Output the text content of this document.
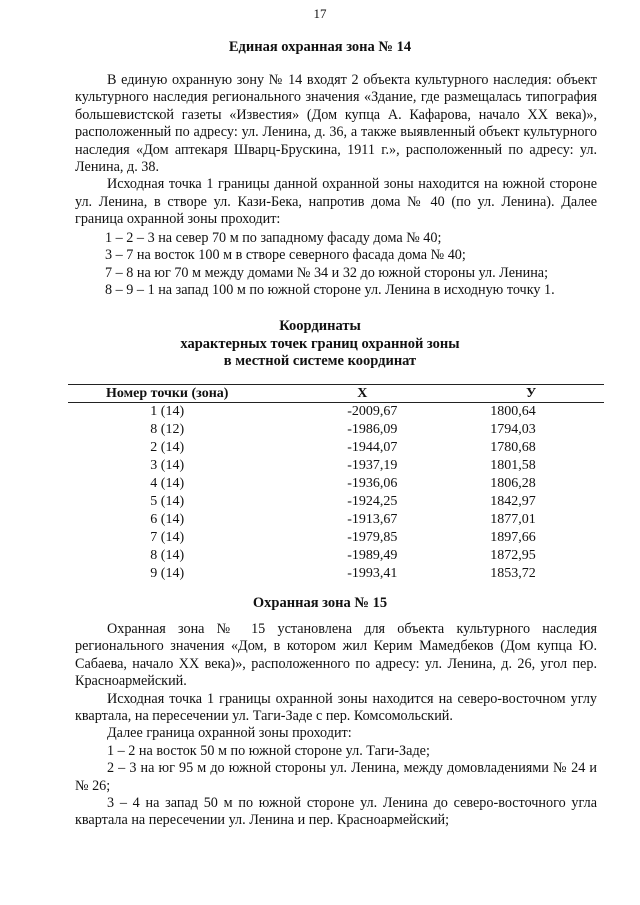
17
Единая охранная зона № 14

В единую охранную зону № 14 входят 2 объекта культурного наследия: объект культурного наследия регионального значения «Здание, где размещалась типография большевистской газеты «Известия» (Дом купца А. Кафарова, начало XX века)», расположенный по адресу: ул. Ленина, д. 36, а также выявленный объект культурного наследия «Дом аптекаря Шварц-Брускина, 1911 г.», расположенный по адресу: ул. Ленина, д. 38.

Исходная точка 1 границы данной охранной зоны находится на южной стороне ул. Ленина, в створе ул. Кази-Бека, напротив дома № 40 (по ул. Ленина). Далее граница охранной зоны проходит:

1 – 2 – 3 на север 70 м по западному фасаду дома № 40;
3 – 7 на восток 100 м в створе северного фасада дома № 40;
7 – 8 на юг 70 м между домами № 34 и 32 до южной стороны ул. Ленина;
8 – 9 – 1 на запад 100 м по южной стороне ул. Ленина в исходную точку 1.
Координаты
характерных точек границ охранной зоны
в местной системе координат
Номер точки (зона)	X	У
1 (14)	-2009,67	1800,64
8 (12)	-1986,09	1794,03
2 (14)	-1944,07	1780,68
3 (14)	-1937,19	1801,58
4 (14)	-1936,06	1806,28
5 (14)	-1924,25	1842,97
6 (14)	-1913,67	1877,01
7 (14)	-1979,85	1897,66
8 (14)	-1989,49	1872,95
9 (14)	-1993,41	1853,72
Охранная зона № 15

Охранная зона № 15 установлена для объекта культурного наследия регионального значения «Дом, в котором жил Керим Мамедбеков (Дом купца Ю. Сабаева, начало XX века)», расположенного по адресу: ул. Ленина, д. 26, угол пер. Красноармейский.

Исходная точка 1 границы охранной зоны находится на северо-восточном углу квартала, на пересечении ул. Таги-Заде с пер. Комсомольский.

Далее граница охранной зоны проходит:

1 – 2 на восток 50 м по южной стороне ул. Таги-Заде;

2 – 3 на юг 95 м до южной стороны ул. Ленина, между домовладениями № 24 и № 26;

3 – 4 на запад 50 м по южной стороне ул. Ленина до северо-восточного угла квартала на пересечении ул. Ленина и пер. Красноармейский;
